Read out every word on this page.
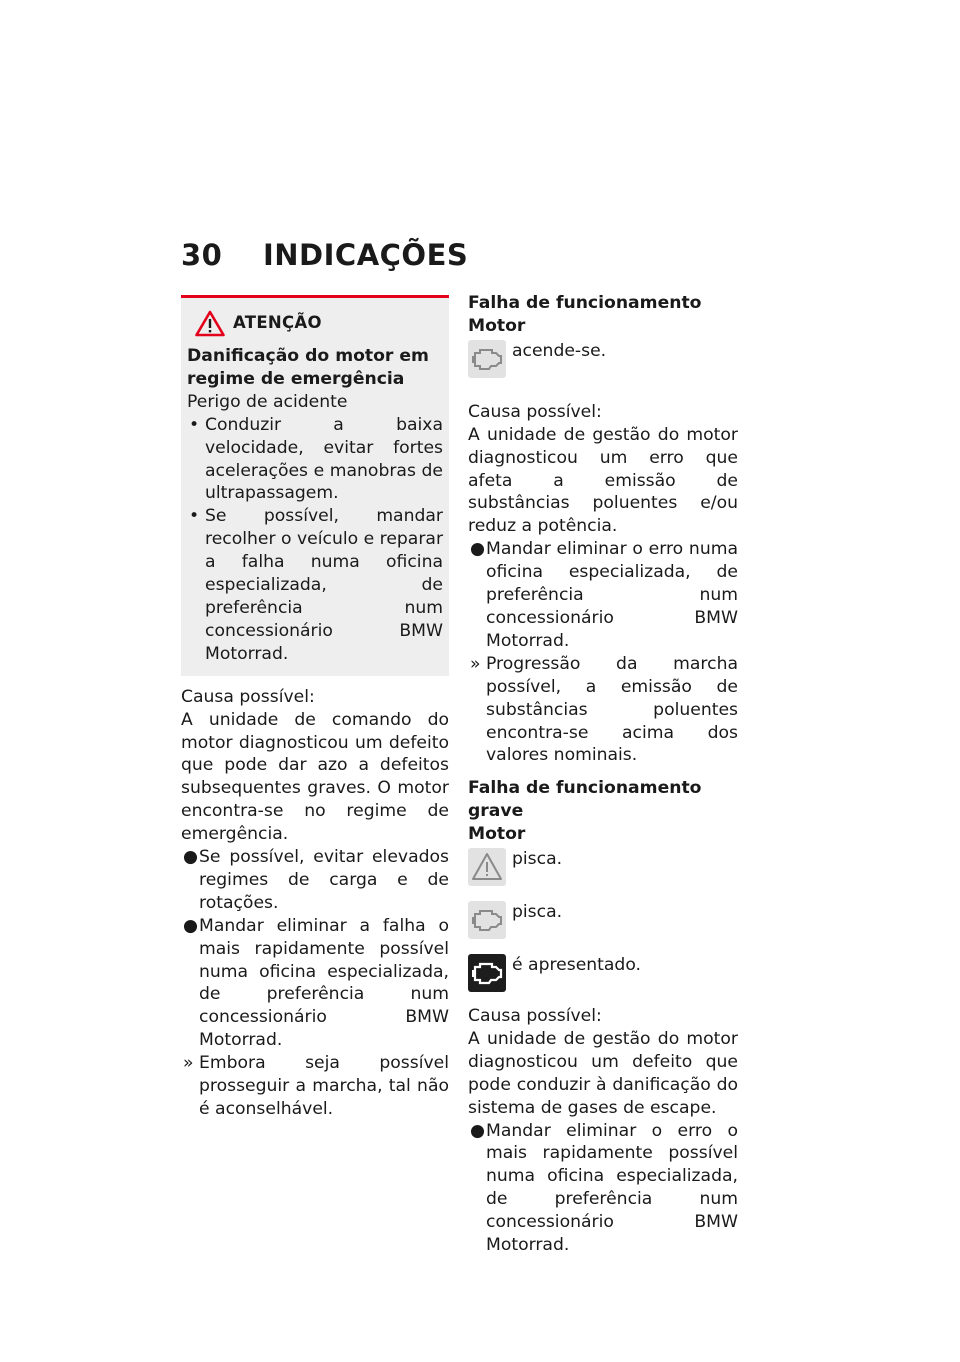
30 INDICAÇÕES
ATENÇÃO

Danificação do motor em
regime de emergência

Perigo de acidente

• Conduzir a baixa velocidade, evitar fortes acelerações e manobras de ultrapassagem.
• Se possível, mandar recolher o veículo e reparar a falha numa oficina especializada, de preferência num concessionário BMW Motorrad.

Causa possível:

A unidade de comando do motor diagnosticou um defeito que pode dar azo a defeitos subsequentes graves. O motor encontra-se no regime de emergência.

● Se possível, evitar elevados regimes de carga e de rotações.
● Mandar eliminar a falha o mais rapidamente possível numa oficina especializada, de preferência num concessionário BMW Motorrad.
» Embora seja possível prosseguir a marcha, tal não é aconselhável.

Falha de funcionamento
Motor

acende-se.

Causa possível:

A unidade de gestão do motor diagnosticou um erro que afeta a emissão de substâncias poluentes e/ou reduz a potência.

● Mandar eliminar o erro numa oficina especializada, de preferência num concessionário BMW Motorrad.
» Progressão da marcha possível, a emissão de substâncias poluentes encontra-se acima dos valores nominais.

Falha de funcionamento grave
Motor

pisca.
pisca.
é apresentado.

Causa possível:

A unidade de gestão do motor diagnosticou um defeito que pode conduzir à danificação do sistema de gases de escape.

● Mandar eliminar o erro o mais rapidamente possível numa oficina especializada, de preferência num concessionário BMW Motorrad.
